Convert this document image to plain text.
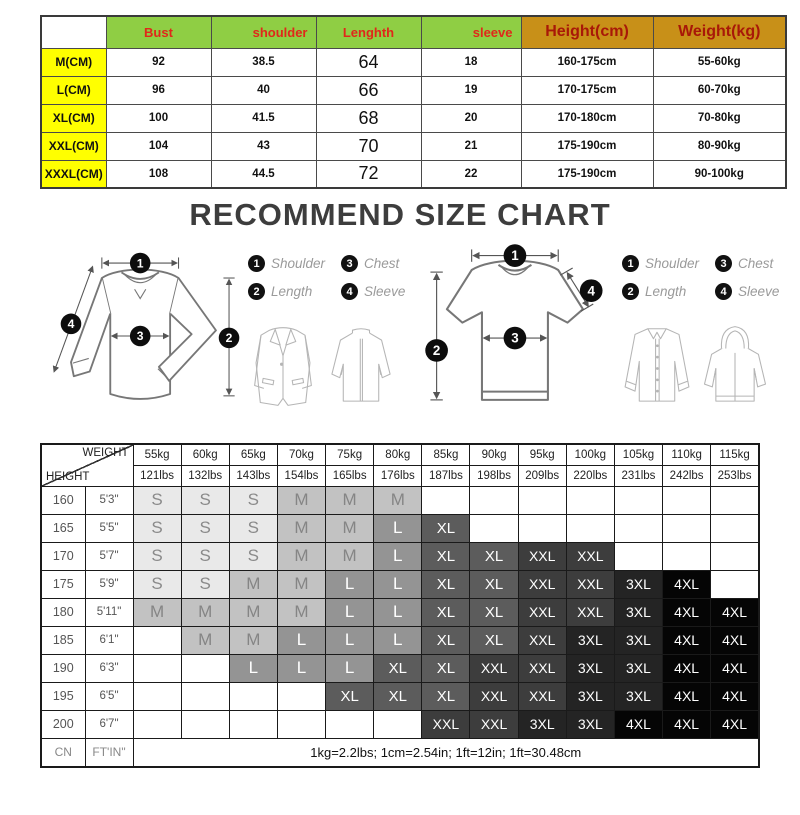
	Bust	shoulder	Lenghth	sleeve	Height(cm)	Weight(kg)
M(CM)	92	38.5	64	18	160-175cm	55-60kg
L(CM)	96	40	66	19	170-175cm	60-70kg
XL(CM)	100	41.5	68	20	170-180cm	70-80kg
XXL(CM)	104	43	70	21	175-190cm	80-90kg
XXXL(CM)	108	44.5	72	22	175-190cm	90-100kg
RECOMMEND SIZE CHART
1
3	2
4
1 Shoulder	3 Chest
2 Length	4 Sleeve
1
3
2
4
1 Shoulder	3 Chest
2 Length	4 Sleeve
WEIGHT
HEIGHT		55kg	60kg	65kg	70kg	75kg	80kg	85kg	90kg	95kg	100kg	105kg	110kg	115kg
		121lbs	132lbs	143lbs	154lbs	165lbs	176lbs	187lbs	198lbs	209lbs	220lbs	231lbs	242lbs	253lbs
160	5'3"	S	S	S	M	M	M							
165	5'5"	S	S	S	M	M	L	XL						
170	5'7"	S	S	S	M	M	L	XL	XL	XXL	XXL			
175	5'9"	S	S	M	M	L	L	XL	XL	XXL	XXL	3XL	4XL	
180	5'11"	M	M	M	M	L	L	XL	XL	XXL	XXL	3XL	4XL	4XL
185	6'1"		M	M	L	L	L	XL	XL	XXL	3XL	3XL	4XL	4XL
190	6'3"			L	L	L	XL	XL	XXL	XXL	3XL	3XL	4XL	4XL
195	6'5"					XL	XL	XL	XXL	XXL	3XL	3XL	4XL	4XL
200	6'7"							XXL	XXL	3XL	3XL	4XL	4XL	4XL
CN	FT'IN"	1kg=2.2lbs; 1cm=2.54in; 1ft=12in; 1ft=30.48cm												
